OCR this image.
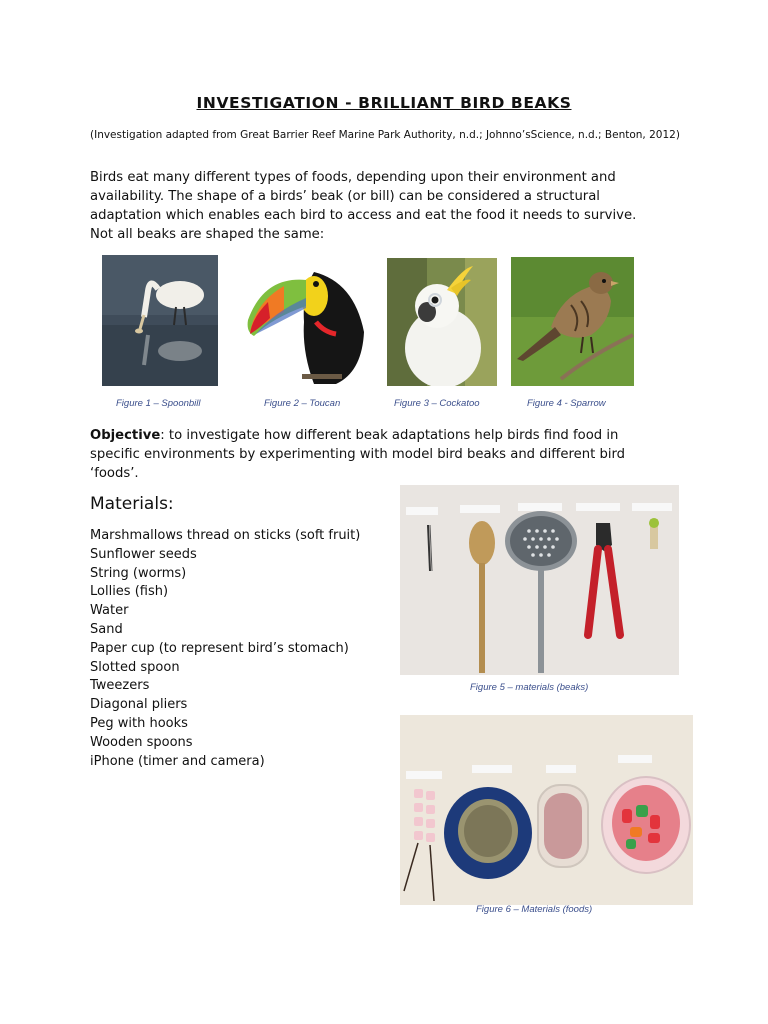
INVESTIGATION - BRILLIANT BIRD BEAKS
(Investigation adapted from Great Barrier Reef Marine Park Authority, n.d.; Johnno’sScience, n.d.; Benton, 2012)
Birds eat many different types of foods, depending upon their environment and availability. The shape of a birds’ beak (or bill) can be considered a structural adaptation which enables each bird to access and eat the food it needs to survive. Not all beaks are shaped the same:
Figure 1 – Spoonbill	Figure 2 – Toucan	Figure 3 – Cockatoo	Figure 4 - Sparrow
Objective: to investigate how different beak adaptations help birds find food in specific environments by experimenting with model bird beaks and different bird ‘foods’.
Materials:
Marshmallows thread on sticks (soft fruit)
Sunflower seeds
String (worms)
Lollies (fish)
Water
Sand
Paper cup (to represent bird’s stomach)
Slotted spoon
Tweezers
Diagonal pliers
Peg with hooks
Wooden spoons
iPhone (timer and camera)
Figure 5 – materials (beaks)
Figure 6 – Materials (foods)
